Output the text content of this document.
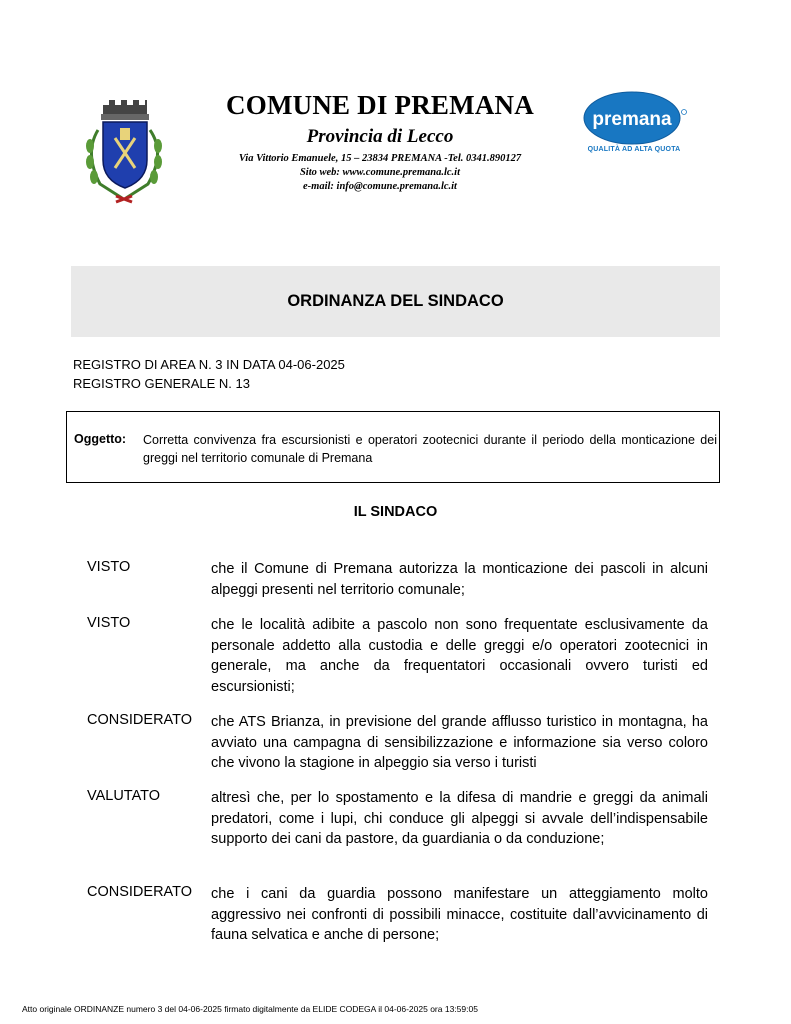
COMUNE DI PREMANA
Provincia di Lecco
Via Vittorio Emanuele, 15 – 23834 PREMANA -Tel. 0341.890127
Sito web: www.comune.premana.lc.it
e-mail: info@comune.premana.lc.it
premana
QUALITÀ AD ALTA QUOTA
ORDINANZA DEL SINDACO
REGISTRO DI AREA N. 3 IN DATA 04-06-2025
REGISTRO GENERALE N. 13
Oggetto: Corretta convivenza fra escursionisti e operatori zootecnici durante il periodo della monticazione dei greggi nel territorio comunale di Premana
IL SINDACO
VISTO	che il Comune di Premana autorizza la monticazione dei pascoli in alcuni alpeggi presenti nel territorio comunale;
VISTO	che le località adibite a pascolo non sono frequentate esclusivamente da personale addetto alla custodia e delle greggi e/o operatori zootecnici in generale, ma anche da frequentatori occasionali ovvero turisti ed escursionisti;
CONSIDERATO che ATS Brianza, in previsione del grande afflusso turistico in montagna, ha avviato una campagna di sensibilizzazione e informazione sia verso coloro che vivono la stagione in alpeggio sia verso i turisti
VALUTATO	altresì che, per lo spostamento e la difesa di mandrie e greggi da animali predatori, come i lupi, chi conduce gli alpeggi si avvale dell’indispensabile supporto dei cani da pastore, da guardiania o da conduzione;
CONSIDERATO che i cani da guardia possono manifestare un atteggiamento molto aggressivo nei confronti di possibili minacce, costituite dall’avvicinamento di fauna selvatica e anche di persone;
Atto originale ORDINANZE numero 3 del 04-06-2025 firmato digitalmente da ELIDE CODEGA il 04-06-2025 ora 13:59:05
